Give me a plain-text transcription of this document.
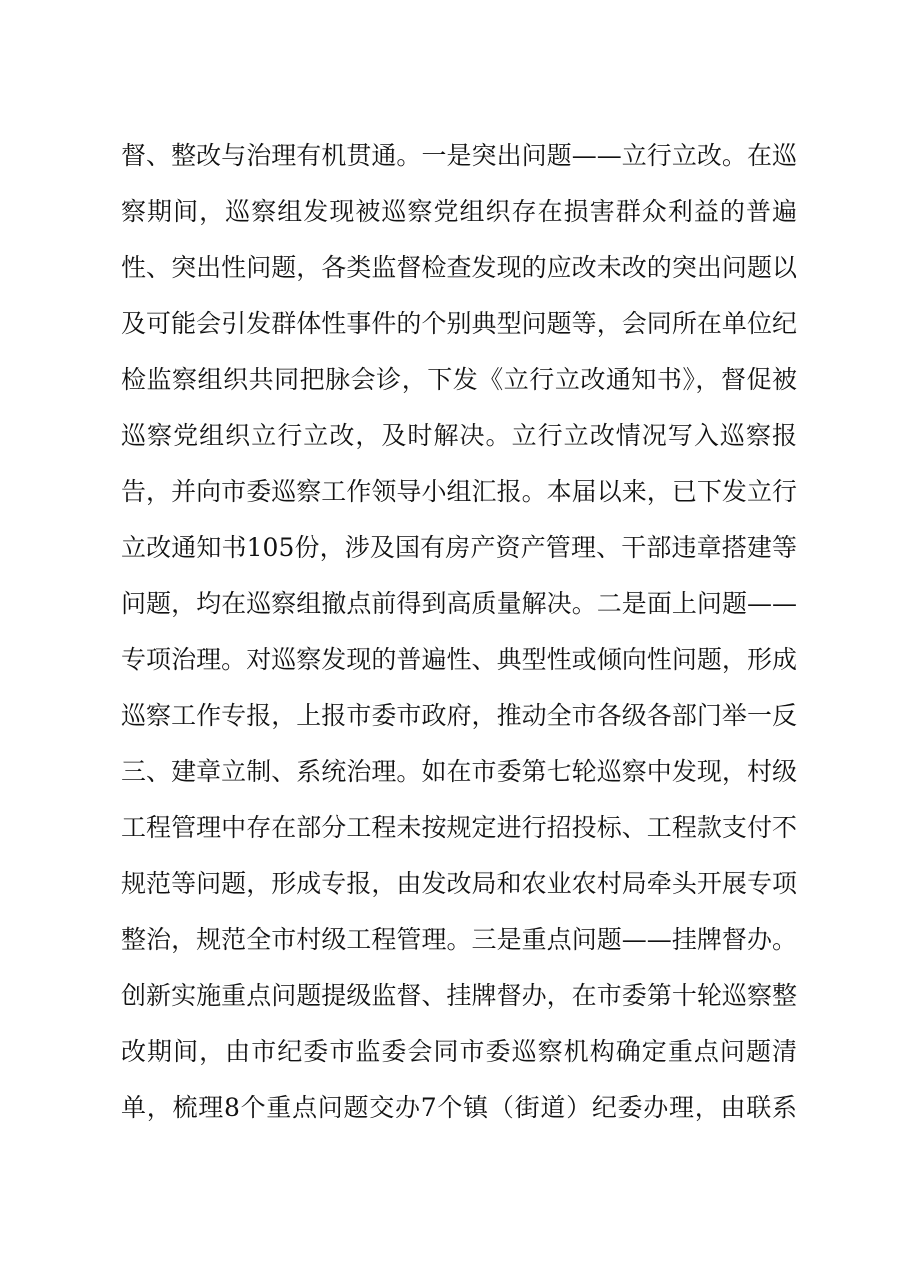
督、整改与治理有机贯通。一是突出问题——立行立改。在巡
察期间，巡察组发现被巡察党组织存在损害群众利益的普遍
性、突出性问题，各类监督检查发现的应改未改的突出问题以
及可能会引发群体性事件的个别典型问题等，会同所在单位纪
检监察组织共同把脉会诊，下发《立行立改通知书》，督促被
巡察党组织立行立改，及时解决。立行立改情况写入巡察报
告，并向市委巡察工作领导小组汇报。本届以来，已下发立行
立改通知书105份，涉及国有房产资产管理、干部违章搭建等
问题，均在巡察组撤点前得到高质量解决。二是面上问题——
专项治理。对巡察发现的普遍性、典型性或倾向性问题，形成
巡察工作专报，上报市委市政府，推动全市各级各部门举一反
三、建章立制、系统治理。如在市委第七轮巡察中发现，村级
工程管理中存在部分工程未按规定进行招投标、工程款支付不
规范等问题，形成专报，由发改局和农业农村局牵头开展专项
整治，规范全市村级工程管理。三是重点问题——挂牌督办。
创新实施重点问题提级监督、挂牌督办，在市委第十轮巡察整
改期间，由市纪委市监委会同市委巡察机构确定重点问题清
单，梳理8个重点问题交办7个镇（街道）纪委办理，由联系
